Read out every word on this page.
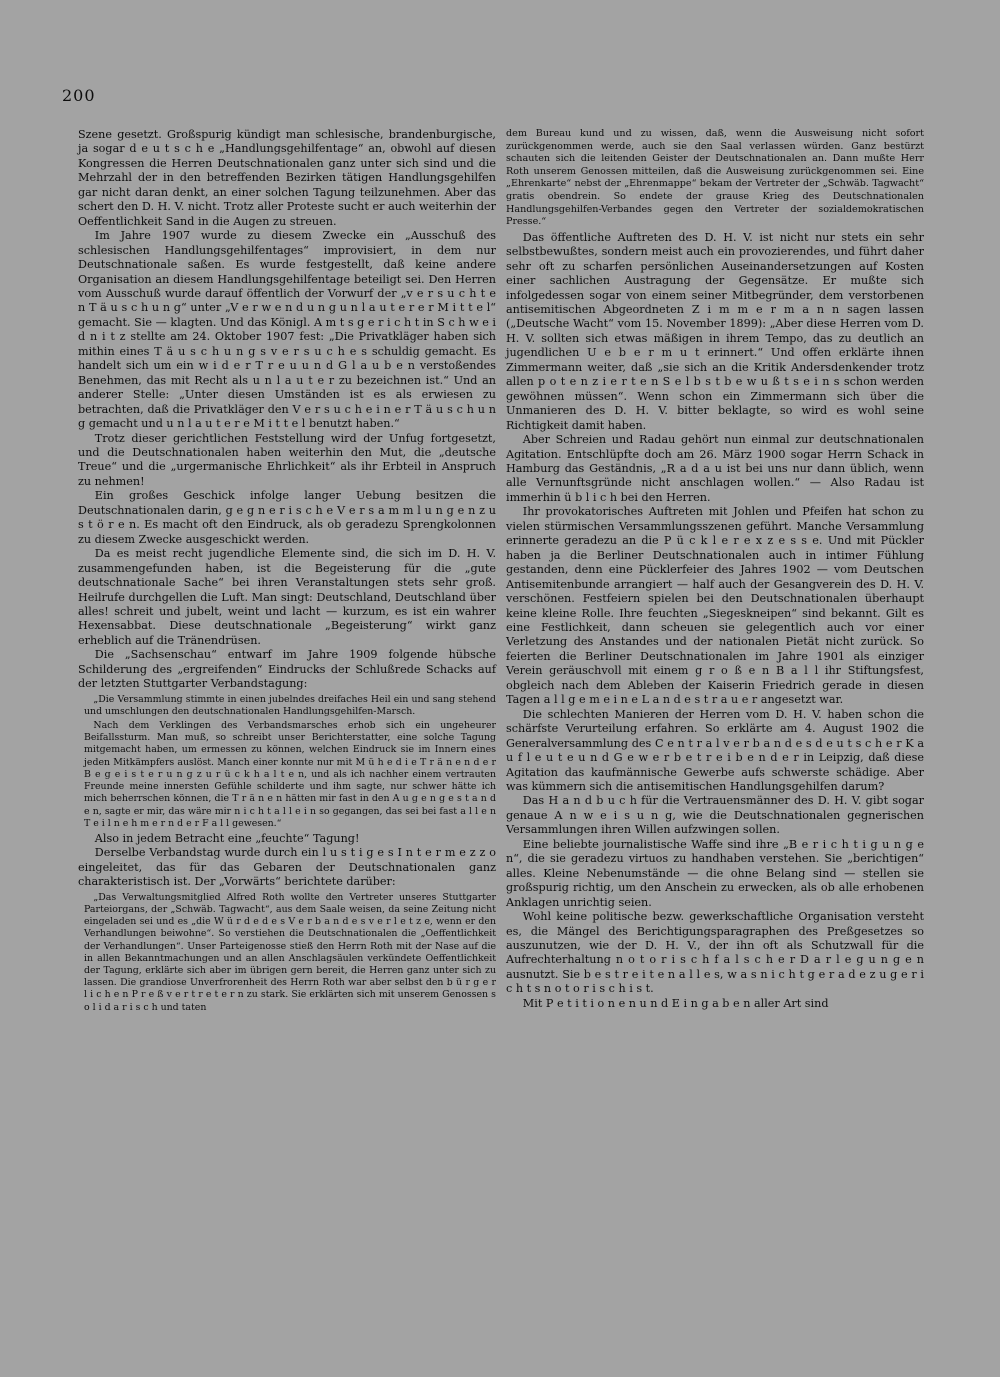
200

Szene gesetzt. Großspurig kündigt man schlesische, brandenburgische, ja sogar d e u t s c h e „Handlungsgehilfentage“ an, obwohl auf diesen Kongressen die Herren Deutschnationalen ganz unter sich sind und die Mehrzahl der in den betreffenden Bezirken tätigen Handlungsgehilfen gar nicht daran denkt, an einer solchen Tagung teilzunehmen. Aber das schert den D. H. V. nicht. Trotz aller Proteste sucht er auch weiterhin der Oeffentlichkeit Sand in die Augen zu streuen.

Im Jahre 1907 wurde zu diesem Zwecke ein „Ausschuß des schlesischen Handlungsgehilfentages“ improvisiert, in dem nur Deutschnationale saßen. Es wurde festgestellt, daß keine andere Organisation an diesem Handlungsgehilfentage beteiligt sei. Den Herren vom Ausschuß wurde darauf öffentlich der Vorwurf der „v e r s u c h t e n T ä u s c h u n g“ unter „V e r w e n d u n g u n l a u t e r e r M i t t e l“ gemacht. Sie — klagten. Und das Königl. A m t s g e r i c h t in S c h w e i d n i t z stellte am 24. Oktober 1907 fest: „Die Privatkläger haben sich mithin eines T ä u s c h u n g s v e r s u c h e s schuldig gemacht. Es handelt sich um ein w i d e r T r e u u n d G l a u b e n verstoßendes Benehmen, das mit Recht als u n l a u t e r zu bezeichnen ist.“ Und an anderer Stelle: „Unter diesen Umständen ist es als erwiesen zu betrachten, daß die Privatkläger den V e r s u c h e i n e r T ä u s c h u n g gemacht und u n l a u t e r e M i t t e l benutzt haben.“

Trotz dieser gerichtlichen Feststellung wird der Unfug fortgesetzt, und die Deutschnationalen haben weiterhin den Mut, die „deutsche Treue“ und die „urgermanische Ehrlichkeit“ als ihr Erbteil in Anspruch zu nehmen!

Ein großes Geschick infolge langer Uebung besitzen die Deutschnationalen darin, g e g n e r i s c h e V e r s a m m l u n g e n z u s t ö r e n. Es macht oft den Eindruck, als ob geradezu Sprengkolonnen zu diesem Zwecke ausgeschickt werden.

Da es meist recht jugendliche Elemente sind, die sich im D. H. V. zusammengefunden haben, ist die Begeisterung für die „gute deutschnationale Sache“ bei ihren Veranstaltungen stets sehr groß. Heilrufe durchgellen die Luft. Man singt: Deutschland, Deutschland über alles! schreit und jubelt, weint und lacht — kurzum, es ist ein wahrer Hexensabbat. Diese deutschnationale „Begeisterung“ wirkt ganz erheblich auf die Tränendrüsen.

Die „Sachsenschau“ entwarf im Jahre 1909 folgende hübsche Schilderung des „ergreifenden“ Eindrucks der Schlußrede Schacks auf der letzten Stuttgarter Verbandstagung:

„Die Versammlung stimmte in einen jubelndes dreifaches Heil ein und sang stehend und umschlungen den deutschnationalen Handlungsgehilfen-Marsch.

Nach dem Verklingen des Verbandsmarsches erhob sich ein ungeheurer Beifallssturm. Man muß, so schreibt unser Berichterstatter, eine solche Tagung mitgemacht haben, um ermessen zu können, welchen Eindruck sie im Innern eines jeden Mitkämpfers auslöst. Manch einer konnte nur mit M ü h e d i e T r ä n e n d e r B e g e i s t e r u n g z u r ü c k h a l t e n, und als ich nachher einem vertrauten Freunde meine innersten Gefühle schilderte und ihm sagte, nur schwer hätte ich mich beherrschen können, die T r ä n e n hätten mir fast in den A u g e n g e s t a n d e n, sagte er mir, das wäre mir n i c h t a l l e i n so gegangen, das sei bei fast a l l e n T e i l n e h m e r n d e r F a l l gewesen.“

Also in jedem Betracht eine „feuchte“ Tagung!

Derselbe Verbandstag wurde durch ein l u s t i g e s I n t e r m e z z o eingeleitet, das für das Gebaren der Deutschnationalen ganz charakteristisch ist. Der „Vorwärts“ berichtete darüber:

„Das Verwaltungsmitglied Alfred Roth wollte den Vertreter unseres Stuttgarter Parteiorgans, der „Schwäb. Tagwacht“, aus dem Saale weisen, da seine Zeitung nicht eingeladen sei und es „die W ü r d e d e s V e r b a n d e s v e r l e t z e, wenn er den Verhandlungen beiwohne“. So verstiehen die Deutschnationalen die „Oeffentlichkeit der Verhandlungen“. Unser Parteigenosse stieß den Herrn Roth mit der Nase auf die in allen Bekanntmachungen und an allen Anschlagsäulen verkündete Oeffentlichkeit der Tagung, erklärte sich aber im übrigen gern bereit, die Herren ganz unter sich zu lassen. Die grandiose Unverfrorenheit des Herrn Roth war aber selbst den b ü r g e r l i c h e n P r e ß v e r t r e t e r n zu stark. Sie erklärten sich mit unserem Genossen s o l i d a r i s c h und taten

dem Bureau kund und zu wissen, daß, wenn die Ausweisung nicht sofort zurückgenommen werde, auch sie den Saal verlassen würden. Ganz bestürzt schauten sich die leitenden Geister der Deutschnationalen an. Dann mußte Herr Roth unserem Genossen mitteilen, daß die Ausweisung zurückgenommen sei. Eine „Ehrenkarte“ nebst der „Ehrenmappe“ bekam der Vertreter der „Schwäb. Tagwacht“ gratis obendrein. So endete der grause Krieg des Deutschnationalen Handlungsgehilfen-Verbandes gegen den Vertreter der sozialdemokratischen Presse.“

Das öffentliche Auftreten des D. H. V. ist nicht nur stets ein sehr selbstbewußtes, sondern meist auch ein provozierendes, und führt daher sehr oft zu scharfen persönlichen Auseinandersetzungen auf Kosten einer sachlichen Austragung der Gegensätze. Er mußte sich infolgedessen sogar von einem seiner Mitbegründer, dem verstorbenen antisemitischen Abgeordneten Z i m m e r m a n n sagen lassen („Deutsche Wacht“ vom 15. November 1899): „Aber diese Herren vom D. H. V. sollten sich etwas mäßigen in ihrem Tempo, das zu deutlich an jugendlichen U e b e r m u t erinnert.“ Und offen erklärte ihnen Zimmermann weiter, daß „sie sich an die Kritik Andersdenkender trotz allen p o t e n z i e r t e n S e l b s t b e w u ß t s e i n s schon werden gewöhnen müssen“. Wenn schon ein Zimmermann sich über die Unmanieren des D. H. V. bitter beklagte, so wird es wohl seine Richtigkeit damit haben.

Aber Schreien und Radau gehört nun einmal zur deutschnationalen Agitation. Entschlüpfte doch am 26. März 1900 sogar Herrn Schack in Hamburg das Geständnis, „R a d a u ist bei uns nur dann üblich, wenn alle Vernunftsgründe nicht anschlagen wollen.“ — Also Radau ist immerhin ü b l i c h bei den Herren.

Ihr provokatorisches Auftreten mit Johlen und Pfeifen hat schon zu vielen stürmischen Versammlungsszenen geführt. Manche Versammlung erinnerte geradezu an die P ü c k l e r e x z e s s e. Und mit Pückler haben ja die Berliner Deutschnationalen auch in intimer Fühlung gestanden, denn eine Pücklerfeier des Jahres 1902 — vom Deutschen Antisemitenbunde arrangiert — half auch der Gesangverein des D. H. V. verschönen. Festfeiern spielen bei den Deutschnationalen überhaupt keine kleine Rolle. Ihre feuchten „Siegeskneipen“ sind bekannt. Gilt es eine Festlichkeit, dann scheuen sie gelegentlich auch vor einer Verletzung des Anstandes und der nationalen Pietät nicht zurück. So feierten die Berliner Deutschnationalen im Jahre 1901 als einziger Verein geräuschvoll mit einem g r o ß e n B a l l ihr Stiftungsfest, obgleich nach dem Ableben der Kaiserin Friedrich gerade in diesen Tagen a l l g e m e i n e L a n d e s t r a u e r angesetzt war.

Die schlechten Manieren der Herren vom D. H. V. haben schon die schärfste Verurteilung erfahren. So erklärte am 4. August 1902 die Generalversammlung des C e n t r a l v e r b a n d e s d e u t s c h e r K a u f l e u t e u n d G e w e r b e t r e i b e n d e r in Leipzig, daß diese Agitation das kaufmännische Gewerbe aufs schwerste schädige. Aber was kümmern sich die antisemitischen Handlungsgehilfen darum?

Das H a n d b u c h für die Vertrauensmänner des D. H. V. gibt sogar genaue A n w e i s u n g, wie die Deutschnationalen gegnerischen Versammlungen ihren Willen aufzwingen sollen.

Eine beliebte journalistische Waffe sind ihre „B e r i c h t i g u n g e n“, die sie geradezu virtuos zu handhaben verstehen. Sie „berichtigen“ alles. Kleine Nebenumstände — die ohne Belang sind — stellen sie großspurig richtig, um den Anschein zu erwecken, als ob alle erhobenen Anklagen unrichtig seien.

Wohl keine politische bezw. gewerkschaftliche Organisation versteht es, die Mängel des Berichtigungsparagraphen des Preßgesetzes so auszunutzen, wie der D. H. V., der ihn oft als Schutzwall für die Aufrechterhaltung n o t o r i s c h f a l s c h e r D a r l e g u n g e n ausnutzt. Sie b e s t r e i t e n a l l e s, w a s n i c h t g e r a d e z u g e r i c h t s n o t o r i s c h i s t.

Mit P e t i t i o n e n u n d E i n g a b e n aller Art sind
